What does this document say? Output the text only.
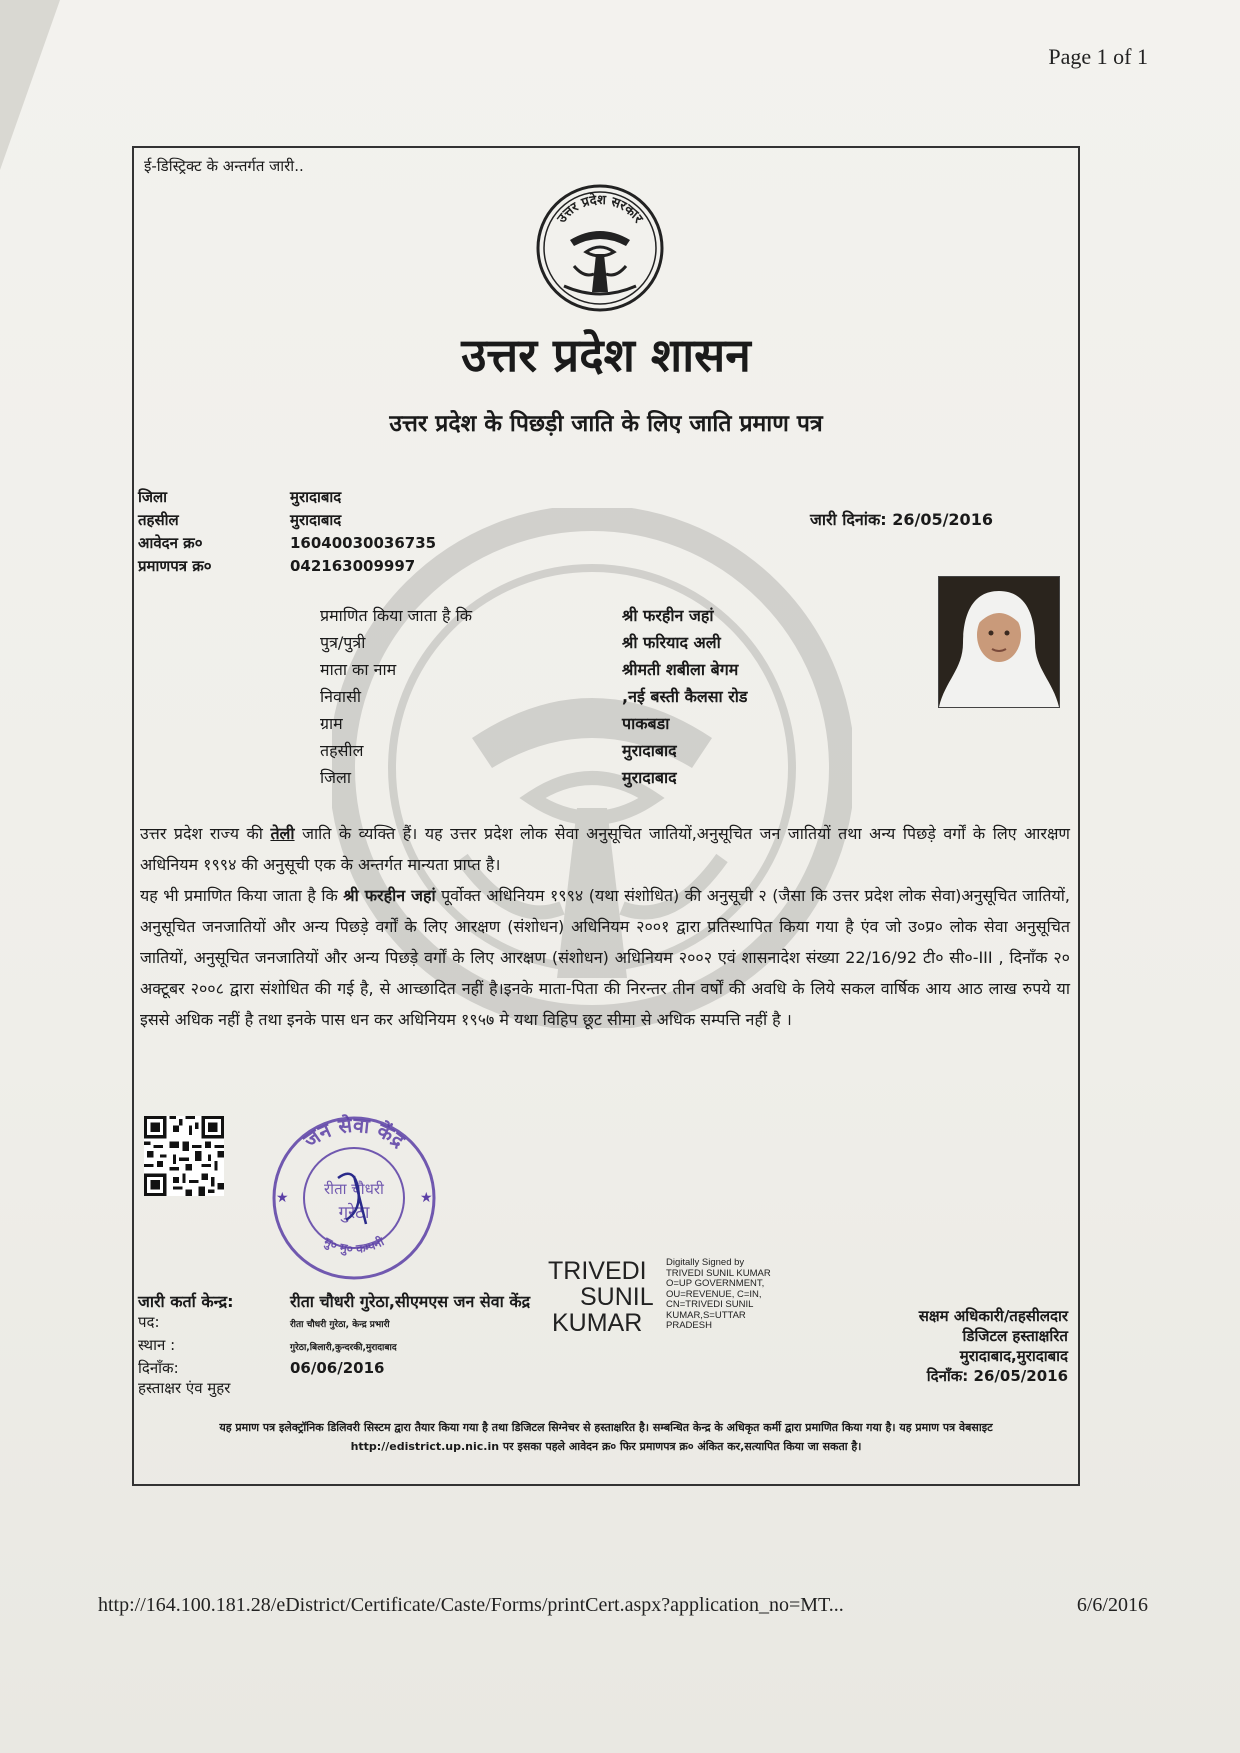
Page 1 of 1
ई-डिस्ट्रिक्ट के अन्तर्गत जारी..
उत्तर प्रदेश सरकार
उत्तर प्रदेश शासन
उत्तर प्रदेश के पिछड़ी जाति के लिए जाति प्रमाण पत्र
जिला	मुरादाबाद
तहसील	मुरादाबाद
आवेदन क्र०	16040030036735
प्रमाणपत्र क्र०	042163009997
जारी दिनांक: 26/05/2016
प्रमाणित किया जाता है कि	श्री फरहीन जहां
पुत्र/पुत्री	श्री फरियाद अली
माता का नाम	श्रीमती शबीला बेगम
निवासी	,नई बस्ती कैलसा रोड
ग्राम	पाकबडा
तहसील	मुरादाबाद
जिला	मुरादाबाद

उत्तर प्रदेश राज्य की तेली जाति के व्यक्ति हैं। यह उत्तर प्रदेश लोक सेवा अनुसूचित जातियों,अनुसूचित जन जातियों तथा अन्य पिछड़े वर्गों के लिए आरक्षण अधिनियम १९९४ की अनुसूची एक के अन्तर्गत मान्यता प्राप्त है।

यह भी प्रमाणित किया जाता है कि श्री फरहीन जहां पूर्वोक्त अधिनियम १९९४ (यथा संशोधित) की अनुसूची २ (जैसा कि उत्तर प्रदेश लोक सेवा)अनुसूचित जातियों, अनुसूचित जनजातियों और अन्य पिछड़े वर्गों के लिए आरक्षण (संशोधन) अधिनियम २००१ द्वारा प्रतिस्थापित किया गया है एंव जो उ०प्र० लोक सेवा अनुसूचित जातियों, अनुसूचित जनजातियों और अन्य पिछड़े वर्गों के लिए आरक्षण (संशोधन) अधिनियम २००२ एवं शासनादेश संख्या 22/16/92 टी० सी०-III , दिनाँक २० अक्टूबर २००८ द्वारा संशोधित की गई है, से आच्छादित नहीं है।इनके माता-पिता की निरन्तर तीन वर्षों की अवधि के लिये सकल वार्षिक आय आठ लाख रुपये या इससे अधिक नहीं है तथा इनके पास धन कर अधिनियम १९५७ मे यथा विहिप छूट सीमा से अधिक सम्पत्ति नहीं है ।

जन सेवा केंद्र
मु० मु० कम्पनी
रीता चौधरी
गुरेठा
★	★
जारी कर्ता केन्द्र:	रीता चौधरी गुरेठा,सीएमएस जन सेवा केंद्र
पद:	रीता चौधरी गुरेठा, केन्द्र प्रभारी
स्थान :	गुरेठा,बिलारी,कुन्दरकी,मुरादाबाद
दिनाँक:	06/06/2016
हस्ताक्षर एंव मुहर
TRIVEDI
SUNIL
KUMAR
Digitally Signed by
TRIVEDI SUNIL KUMAR
O=UP GOVERNMENT,
OU=REVENUE, C=IN,
CN=TRIVEDI SUNIL
KUMAR,S=UTTAR
PRADESH
सक्षम अधिकारी/तहसीलदार
डिजिटल हस्ताक्षरित
मुरादाबाद,मुरादाबाद
दिनाँक: 26/05/2016
यह प्रमाण पत्र इलेक्ट्रॉनिक डिलिवरी सिस्टम द्वारा तैयार किया गया है तथा डिजिटल सिग्नेचर से हस्ताक्षरित है। सम्बन्धित केन्द्र के अधिकृत कर्मी द्वारा प्रमाणित किया गया है। यह प्रमाण पत्र वेबसाइट http://edistrict.up.nic.in पर इसका पहले आवेदन क्र० फिर प्रमाणपत्र क्र० अंकित कर,सत्यापित किया जा सकता है।
http://164.100.181.28/eDistrict/Certificate/Caste/Forms/printCert.aspx?application_no=MT...	6/6/2016
